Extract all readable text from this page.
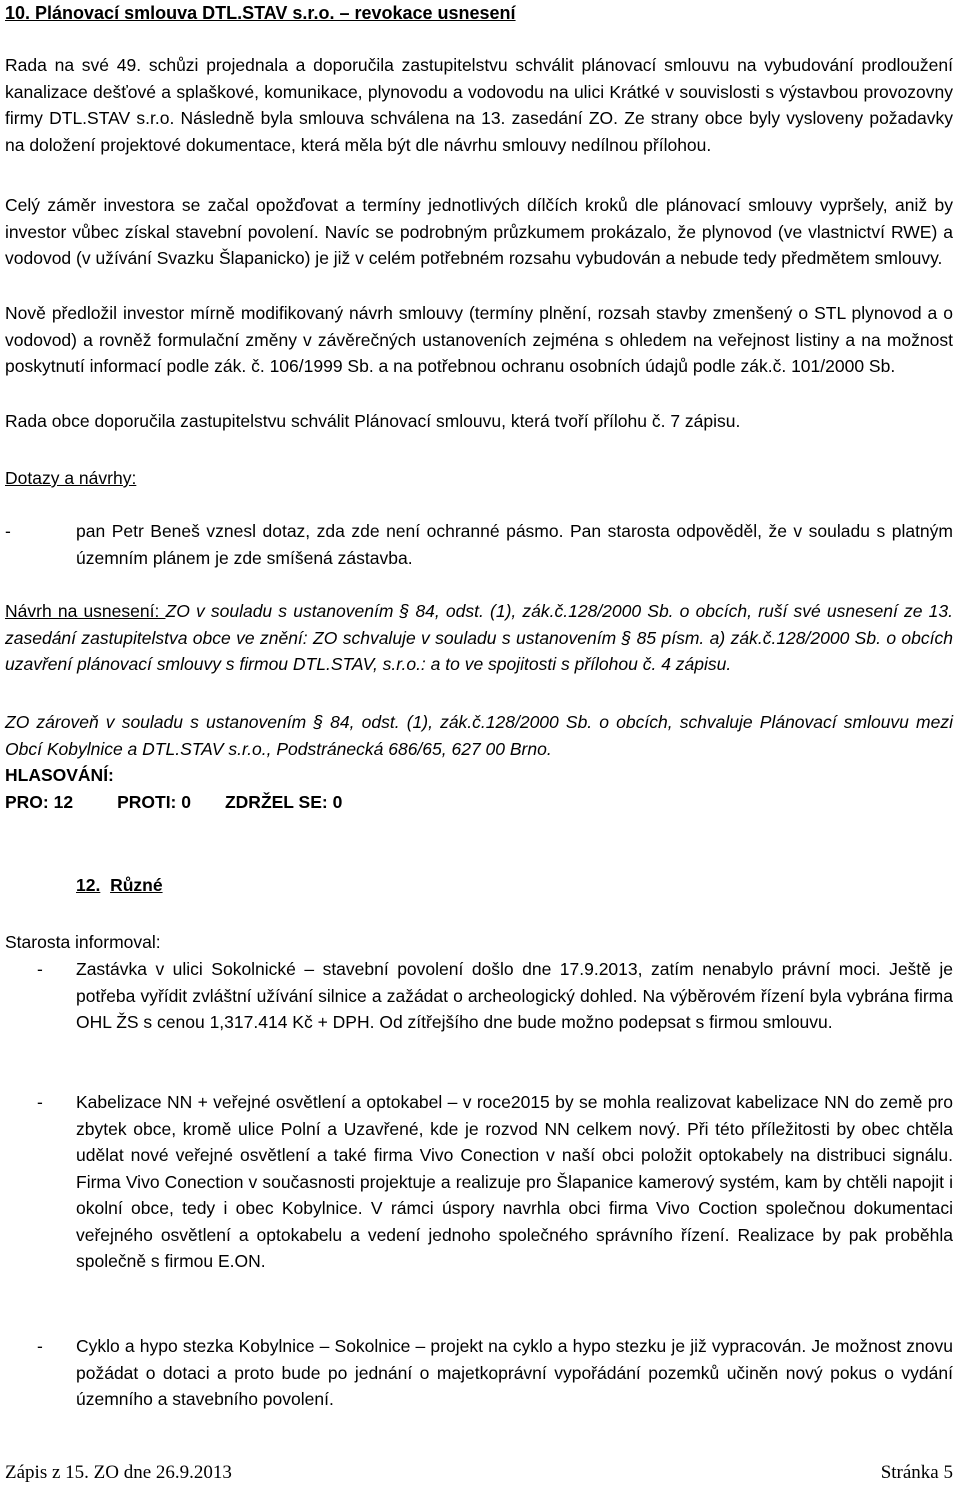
10. Plánovací smlouva DTL.STAV s.r.o. – revokace usnesení
Rada na své 49. schůzi projednala a doporučila zastupitelstvu schválit plánovací smlouvu na vybudování prodloužení kanalizace dešťové a splaškové, komunikace, plynovodu a vodovodu na ulici Krátké v souvislosti s výstavbou provozovny firmy DTL.STAV s.r.o. Následně byla smlouva schválena na 13. zasedání ZO. Ze strany obce byly vysloveny požadavky na doložení projektové dokumentace, která měla být dle návrhu smlouvy nedílnou přílohou.
Celý záměr investora se začal opožďovat a termíny jednotlivých dílčích kroků dle plánovací smlouvy vypršely, aniž by investor vůbec získal stavební povolení. Navíc se podrobným průzkumem prokázalo, že plynovod (ve vlastnictví RWE) a vodovod (v užívání Svazku Šlapanicko) je již v celém potřebném rozsahu vybudován a nebude tedy předmětem smlouvy.
Nově předložil investor mírně modifikovaný návrh smlouvy (termíny plnění, rozsah stavby zmenšený o STL plynovod a o vodovod) a rovněž formulační změny v závěrečných ustanoveních zejména s ohledem na veřejnost listiny a na možnost poskytnutí informací podle zák. č. 106/1999 Sb. a na potřebnou ochranu osobních údajů podle zák.č. 101/2000 Sb.
Rada obce doporučila zastupitelstvu schválit Plánovací smlouvu, která tvoří přílohu č. 7 zápisu.
Dotazy a návrhy:
-	pan Petr Beneš vznesl dotaz, zda zde není ochranné pásmo. Pan starosta odpověděl, že v souladu s platným územním plánem je zde smíšená zástavba.
Návrh na usnesení: ZO v souladu s ustanovením § 84, odst. (1), zák.č.128/2000 Sb. o obcích, ruší své usnesení ze 13. zasedání zastupitelstva obce ve znění: ZO schvaluje v souladu s ustanovením § 85 písm. a) zák.č.128/2000 Sb. o obcích uzavření plánovací smlouvy s firmou DTL.STAV, s.r.o.: a to ve spojitosti s přílohou č. 4 zápisu.
ZO zároveň v souladu s ustanovením § 84, odst. (1), zák.č.128/2000 Sb. o obcích, schvaluje Plánovací smlouvu mezi Obcí Kobylnice a DTL.STAV s.r.o., Podstránecká 686/65, 627 00 Brno.
HLASOVÁNÍ:
PRO: 12	PROTI: 0 ZDRŽEL SE: 0
12. Různé
Starosta informoval:
- Zastávka v ulici Sokolnické – stavební povolení došlo dne 17.9.2013, zatím nenabylo právní moci. Ještě je potřeba vyřídit zvláštní užívání silnice a zažádat o archeologický dohled. Na výběrovém řízení byla vybrána firma OHL ŽS s cenou 1,317.414 Kč + DPH. Od zítřejšího dne bude možno podepsat s firmou smlouvu.
- Kabelizace NN + veřejné osvětlení a optokabel – v roce2015 by se mohla realizovat kabelizace NN do země pro zbytek obce, kromě ulice Polní a Uzavřené, kde je rozvod NN celkem nový. Při této příležitosti by obec chtěla udělat nové veřejné osvětlení a také firma Vivo Conection v naší obci položit optokabely na distribuci signálu. Firma Vivo Conection v současnosti projektuje a realizuje pro Šlapanice kamerový systém, kam by chtěli napojit i okolní obce, tedy i obec Kobylnice. V rámci úspory navrhla obci firma Vivo Coction společnou dokumentaci veřejného osvětlení a optokabelu a vedení jednoho společného správního řízení. Realizace by pak proběhla společně s firmou E.ON.
- Cyklo a hypo stezka Kobylnice – Sokolnice – projekt na cyklo a hypo stezku je již vypracován. Je možnost znovu požádat o dotaci a proto bude po jednání o majetkoprávní vypořádání pozemků učiněn nový pokus o vydání územního a stavebního povolení.
Zápis z 15. ZO dne 26.9.2013	Stránka 5
